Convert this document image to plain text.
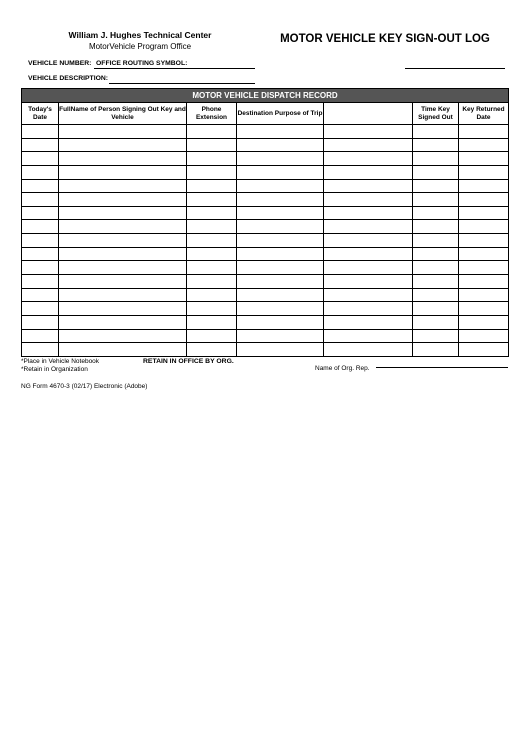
William J. Hughes Technical Center
MotorVehicle Program Office
MOTOR VEHICLE KEY SIGN-OUT LOG
VEHICLE NUMBER: OFFICE ROUTING SYMBOL:
VEHICLE DESCRIPTION:
MOTOR VEHICLE DISPATCH RECORD						
Today's Date	FullName of Person Signing Out Key and Vehicle	Phone Extension	Destination Purpose of Trip		Time Key Signed Out	Key Returned Date

*Place in Vehicle Notebook
*Retain in Organization
RETAIN IN OFFICE BY ORG.
Name of Org. Rep.
NG Form 4670-3 (02/17) Electronic (Adobe)
